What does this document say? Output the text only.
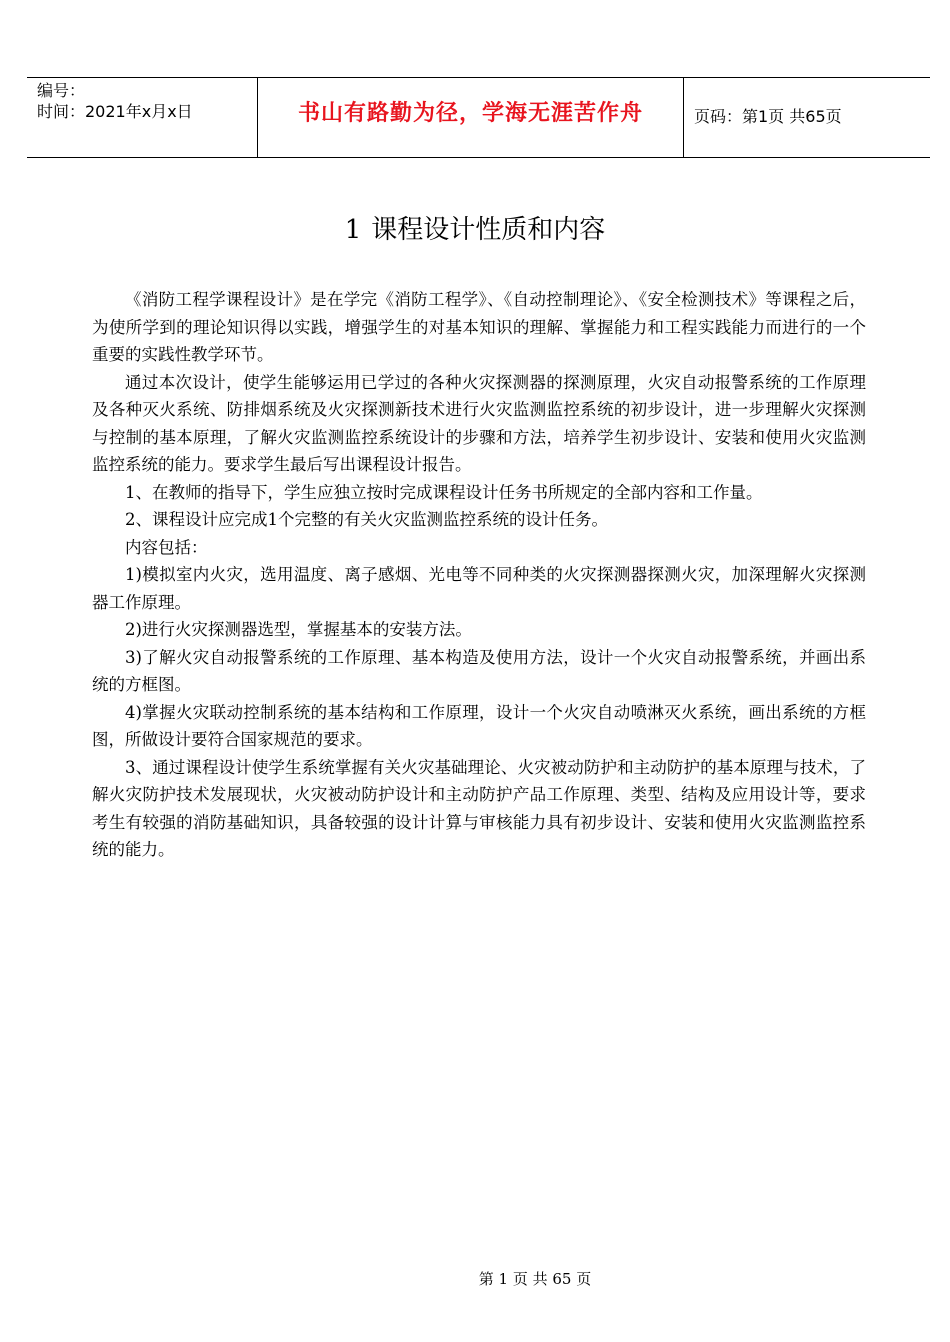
编号：
时间：2021年x月x日	书山有路勤为径，学海无涯苦作舟	页码：第1页 共65页
1 课程设计性质和内容

《消防工程学课程设计》是在学完《消防工程学》、《自动控制理论》、《安全检测技术》等课程之后，为使所学到的理论知识得以实践，增强学生的对基本知识的理解、掌握能力和工程实践能力而进行的一个重要的实践性教学环节。

通过本次设计，使学生能够运用已学过的各种火灾探测器的探测原理，火灾自动报警系统的工作原理及各种灭火系统、防排烟系统及火灾探测新技术进行火灾监测监控系统的初步设计，进一步理解火灾探测与控制的基本原理，了解火灾监测监控系统设计的步骤和方法，培养学生初步设计、安装和使用火灾监测监控系统的能力。要求学生最后写出课程设计报告。

1、在教师的指导下，学生应独立按时完成课程设计任务书所规定的全部内容和工作量。

2、课程设计应完成1个完整的有关火灾监测监控系统的设计任务。

内容包括：

1)模拟室内火灾，选用温度、离子感烟、光电等不同种类的火灾探测器探测火灾，加深理解火灾探测器工作原理。

2)进行火灾探测器选型，掌握基本的安装方法。

3)了解火灾自动报警系统的工作原理、基本构造及使用方法，设计一个火灾自动报警系统，并画出系统的方框图。

4)掌握火灾联动控制系统的基本结构和工作原理，设计一个火灾自动喷淋灭火系统，画出系统的方框图，所做设计要符合国家规范的要求。

3、通过课程设计使学生系统掌握有关火灾基础理论、火灾被动防护和主动防护的基本原理与技术，了解火灾防护技术发展现状，火灾被动防护设计和主动防护产品工作原理、类型、结构及应用设计等，要求考生有较强的消防基础知识，具备较强的设计计算与审核能力具有初步设计、安装和使用火灾监测监控系统的能力。

第 1 页 共 65 页
